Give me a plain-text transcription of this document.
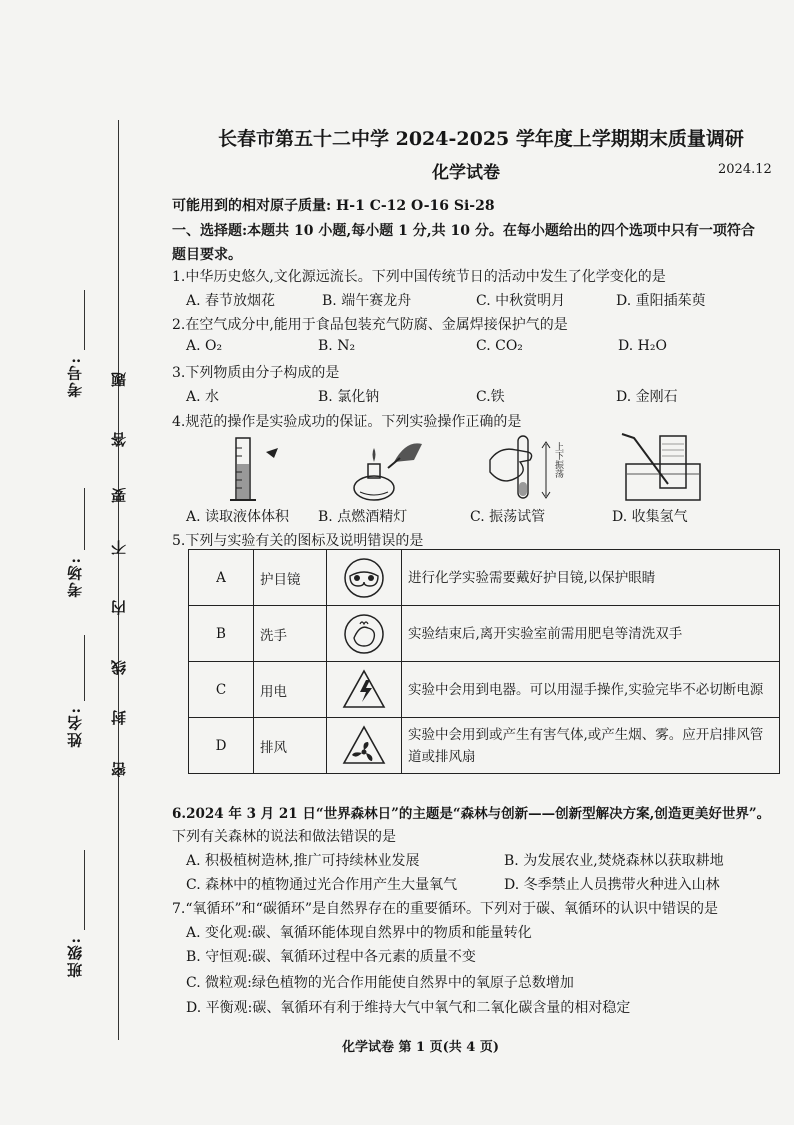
考号:
考场:
姓名:
班级:
题
答
要
不
内
线
封
密
长春市第五十二中学 2024-2025 学年度上学期期末质量调研
化学试卷	2024.12
可能用到的相对原子质量: H-1 C-12 O-16 Si-28
一、选择题:本题共 10 小题,每小题 1 分,共 10 分。在每小题给出的四个选项中只有一项符合
题目要求。
1.中华历史悠久,文化源远流长。下列中国传统节日的活动中发生了化学变化的是
A. 春节放烟花	B. 端午赛龙舟	C. 中秋赏明月	D. 重阳插茱萸
2.在空气成分中,能用于食品包装充气防腐、金属焊接保护气的是
A. O₂	B. N₂	C. CO₂	D. H₂O
3.下列物质由分子构成的是
A. 水	B. 氯化钠	C.铁	D. 金刚石
4.规范的操作是实验成功的保证。下列实验操作正确的是
上下振荡
A. 读取液体体积 B. 点燃酒精灯	C. 振荡试管	D. 收集氢气
5.下列与实验有关的图标及说明错误的是
A	护目镜		进行化学实验需要戴好护目镜,以保护眼睛
B	洗手		实验结束后,离开实验室前需用肥皂等清洗双手
C	用电		实验中会用到电器。可以用湿手操作,实验完毕不必切断电源
D	排风		实验中会用到或产生有害气体,或产生烟、雾。应开启排风管道或排风扇
6.2024 年 3 月 21 日“世界森林日”的主题是“森林与创新——创新型解决方案,创造更美好世界”。
下列有关森林的说法和做法错误的是
A. 积极植树造林,推广可持续林业发展	B. 为发展农业,焚烧森林以获取耕地
C. 森林中的植物通过光合作用产生大量氧气	D. 冬季禁止人员携带火种进入山林
7.“氧循环”和“碳循环”是自然界存在的重要循环。下列对于碳、氧循环的认识中错误的是
A. 变化观:碳、氧循环能体现自然界中的物质和能量转化
B. 守恒观:碳、氧循环过程中各元素的质量不变
C. 微粒观:绿色植物的光合作用能使自然界中的氧原子总数增加
D. 平衡观:碳、氧循环有利于维持大气中氧气和二氧化碳含量的相对稳定
化学试卷 第 1 页(共 4 页)
